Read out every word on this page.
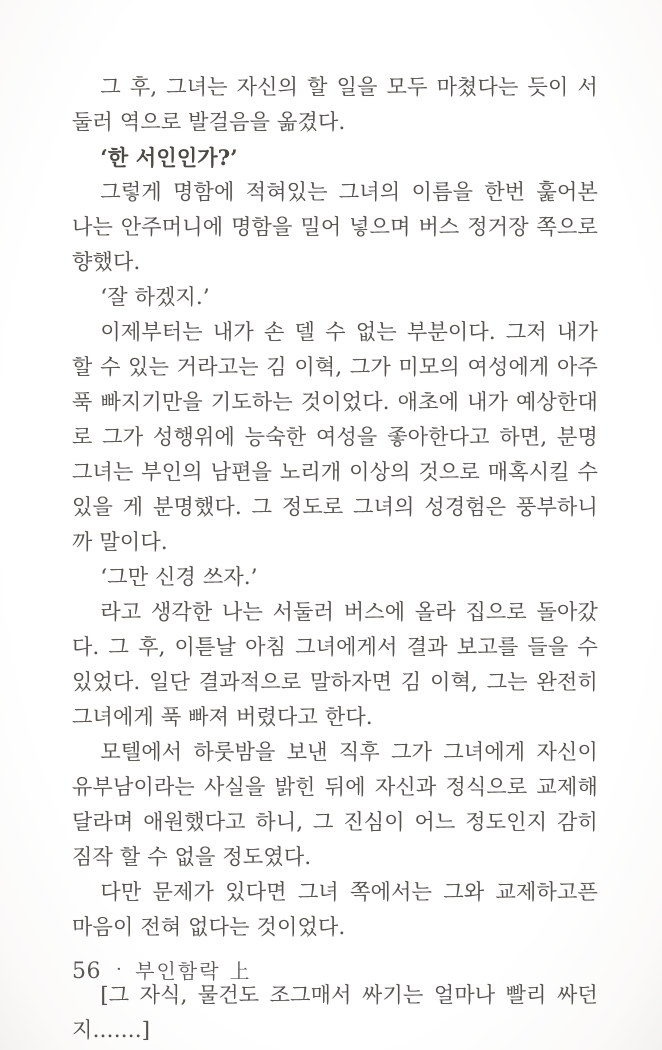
그 후, 그녀는 자신의 할 일을 모두 마쳤다는 듯이 서둘러 역으로 발걸음을 옮겼다.

‘한 서인인가?’

그렇게 명함에 적혀있는 그녀의 이름을 한번 훑어본 나는 안주머니에 명함을 밀어 넣으며 버스 정거장 쪽으로 향했다.

‘잘 하겠지.’

이제부터는 내가 손 델 수 없는 부분이다. 그저 내가 할 수 있는 거라고는 김 이혁, 그가 미모의 여성에게 아주 푹 빠지기만을 기도하는 것이었다. 애초에 내가 예상한대로 그가 성행위에 능숙한 여성을 좋아한다고 하면, 분명 그녀는 부인의 남편을 노리개 이상의 것으로 매혹시킬 수 있을 게 분명했다. 그 정도로 그녀의 성경험은 풍부하니까 말이다.

‘그만 신경 쓰자.’

라고 생각한 나는 서둘러 버스에 올라 집으로 돌아갔다. 그 후, 이튿날 아침 그녀에게서 결과 보고를 들을 수 있었다. 일단 결과적으로 말하자면 김 이혁, 그는 완전히 그녀에게 푹 빠져 버렸다고 한다.

모텔에서 하룻밤을 보낸 직후 그가 그녀에게 자신이 유부남이라는 사실을 밝힌 뒤에 자신과 정식으로 교제해 달라며 애원했다고 하니, 그 진심이 어느 정도인지 감히 짐작 할 수 없을 정도였다.

다만 문제가 있다면 그녀 쪽에서는 그와 교제하고픈 마음이 전혀 없다는 것이었다.

[그 자식, 물건도 조그매서 싸기는 얼마나 빨리 싸던지…….]

56 · 부인함락 上
